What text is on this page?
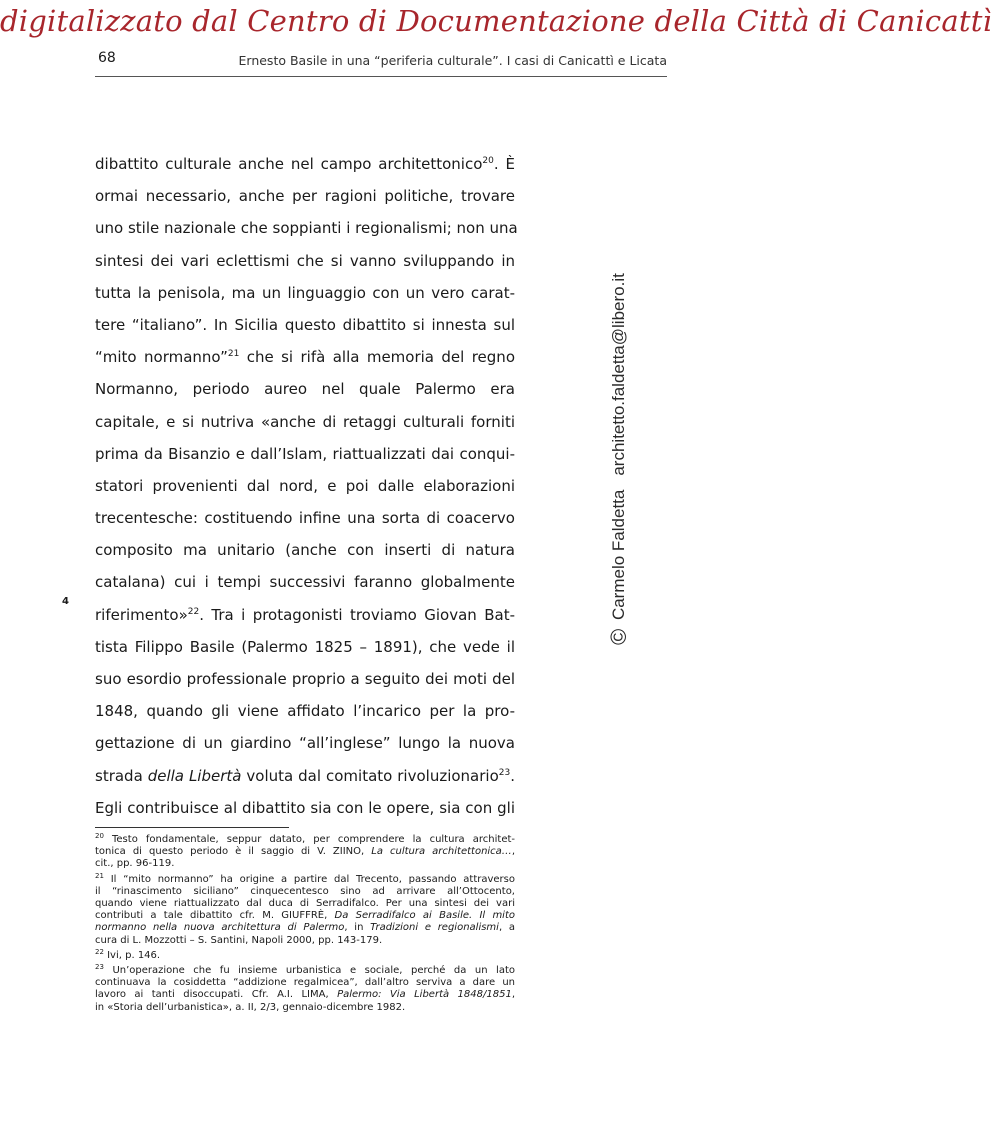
digitalizzato dal Centro di Documentazione della Città di Canicattì
68	Ernesto Basile in una “periferia culturale”. I casi di Canicattì e Licata
dibattito culturale anche nel campo architettonico$^{20}$. È
ormai necessario, anche per ragioni politiche, trovare
uno stile nazionale che soppianti i regionalismi; non una
sintesi dei vari eclettismi che si vanno sviluppando in
tutta la penisola, ma un linguaggio con un vero carat-
tere “italiano”. In Sicilia questo dibattito si innesta sul
“mito normanno”$^{21}$ che si rifà alla memoria del regno
Normanno, periodo aureo nel quale Palermo era
capitale, e si nutriva «anche di retaggi culturali forniti
prima da Bisanzio e dall’Islam, riattualizzati dai conqui-
statori provenienti dal nord, e poi dalle elaborazioni
trecentesche: costituendo infine una sorta di coacervo
composito ma unitario (anche con inserti di natura
catalana) cui i tempi successivi faranno globalmente
riferimento»$^{22}$. Tra i protagonisti troviamo Giovan Bat-
tista Filippo Basile (Palermo 1825 – 1891), che vede il
suo esordio professionale proprio a seguito dei moti del
1848, quando gli viene affidato l’incarico per la pro-
gettazione di un giardino “all’inglese” lungo la nuova
strada della Libertà voluta dal comitato rivoluzionario$^{23}$.
Egli contribuisce al dibattito sia con le opere, sia con gli
4
© Carmelo Faldettaarchitetto.faldetta@libero.it
$^{20}$ Testo fondamentale, seppur datato, per comprendere la cultura architet-
tonica di questo periodo è il saggio di V. ZIINO, La cultura architettonica…,
cit., pp. 96-119.
$^{21}$ Il “mito normanno” ha origine a partire dal Trecento, passando attraverso
il “rinascimento siciliano” cinquecentesco sino ad arrivare all’Ottocento,
quando viene riattualizzato dal duca di Serradifalco. Per una sintesi dei vari
contributi a tale dibattito cfr. M. GIUFFRÈ, Da Serradifalco ai Basile. Il mito
normanno nella nuova architettura di Palermo, in Tradizioni e regionalismi, a
cura di L. Mozzotti – S. Santini, Napoli 2000, pp. 143-179.
$^{22}$ Ivi, p. 146.
$^{23}$ Un’operazione che fu insieme urbanistica e sociale, perché da un lato
continuava la cosiddetta “addizione regalmicea”, dall’altro serviva a dare un
lavoro ai tanti disoccupati. Cfr. A.I. LIMA, Palermo: Via Libertà 1848/1851,
in «Storia dell’urbanistica», a. II, 2/3, gennaio-dicembre 1982.
